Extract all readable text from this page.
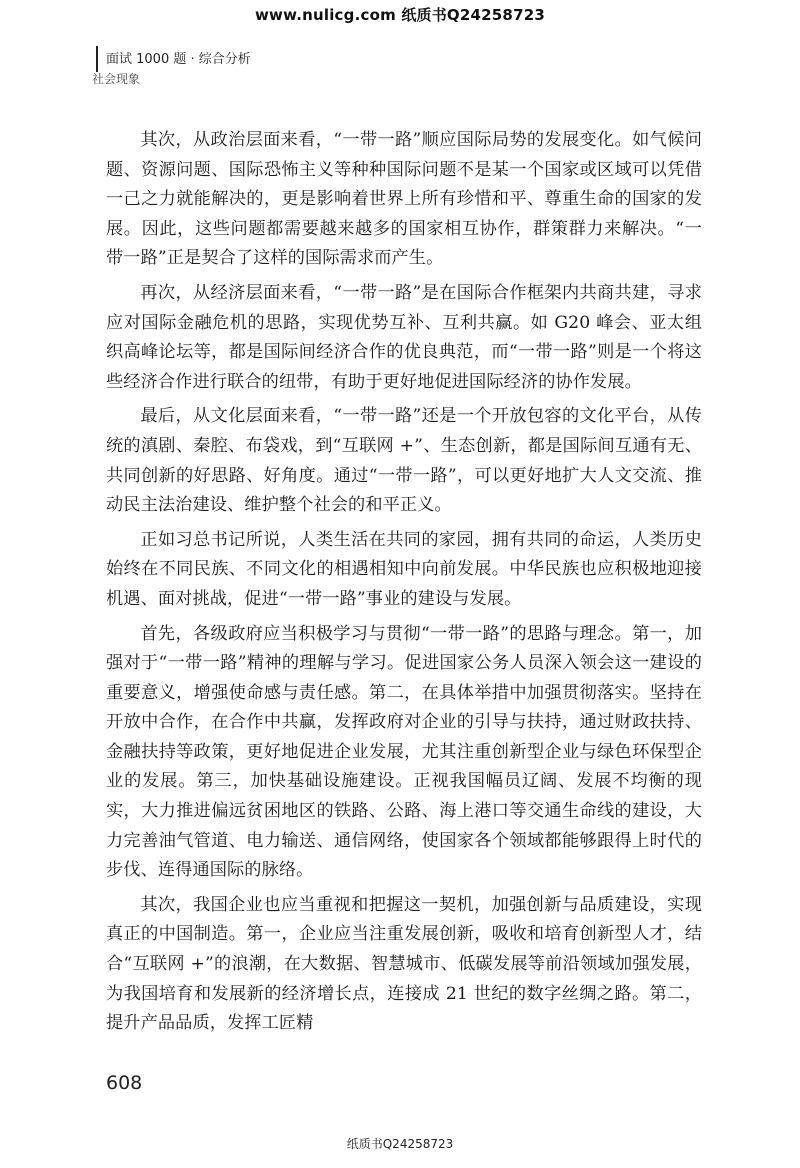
www.nulicg.com 纸质书Q24258723
面试 1000 题 · 综合分析
社会现象

其次，从政治层面来看，“一带一路”顺应国际局势的发展变化。如气候问题、资源问题、国际恐怖主义等种种国际问题不是某一个国家或区域可以凭借一己之力就能解决的，更是影响着世界上所有珍惜和平、尊重生命的国家的发展。因此，这些问题都需要越来越多的国家相互协作，群策群力来解决。“一带一路”正是契合了这样的国际需求而产生。

再次，从经济层面来看，“一带一路”是在国际合作框架内共商共建，寻求应对国际金融危机的思路，实现优势互补、互利共赢。如 G20 峰会、亚太组织高峰论坛等，都是国际间经济合作的优良典范，而“一带一路”则是一个将这些经济合作进行联合的纽带，有助于更好地促进国际经济的协作发展。

最后，从文化层面来看，“一带一路”还是一个开放包容的文化平台，从传统的滇剧、秦腔、布袋戏，到“互联网 +”、生态创新，都是国际间互通有无、共同创新的好思路、好角度。通过“一带一路”，可以更好地扩大人文交流、推动民主法治建设、维护整个社会的和平正义。

正如习总书记所说，人类生活在共同的家园，拥有共同的命运，人类历史始终在不同民族、不同文化的相遇相知中向前发展。中华民族也应积极地迎接机遇、面对挑战，促进“一带一路”事业的建设与发展。

首先，各级政府应当积极学习与贯彻“一带一路”的思路与理念。第一，加强对于“一带一路”精神的理解与学习。促进国家公务人员深入领会这一建设的重要意义，增强使命感与责任感。第二，在具体举措中加强贯彻落实。坚持在开放中合作，在合作中共赢，发挥政府对企业的引导与扶持，通过财政扶持、金融扶持等政策，更好地促进企业发展，尤其注重创新型企业与绿色环保型企业的发展。第三，加快基础设施建设。正视我国幅员辽阔、发展不均衡的现实，大力推进偏远贫困地区的铁路、公路、海上港口等交通生命线的建设，大力完善油气管道、电力输送、通信网络，使国家各个领域都能够跟得上时代的步伐、连得通国际的脉络。

其次，我国企业也应当重视和把握这一契机，加强创新与品质建设，实现真正的中国制造。第一，企业应当注重发展创新，吸收和培育创新型人才，结合“互联网 +”的浪潮，在大数据、智慧城市、低碳发展等前沿领域加强发展，为我国培育和发展新的经济增长点，连接成 21 世纪的数字丝绸之路。第二，提升产品品质，发挥工匠精

608
纸质书Q24258723
